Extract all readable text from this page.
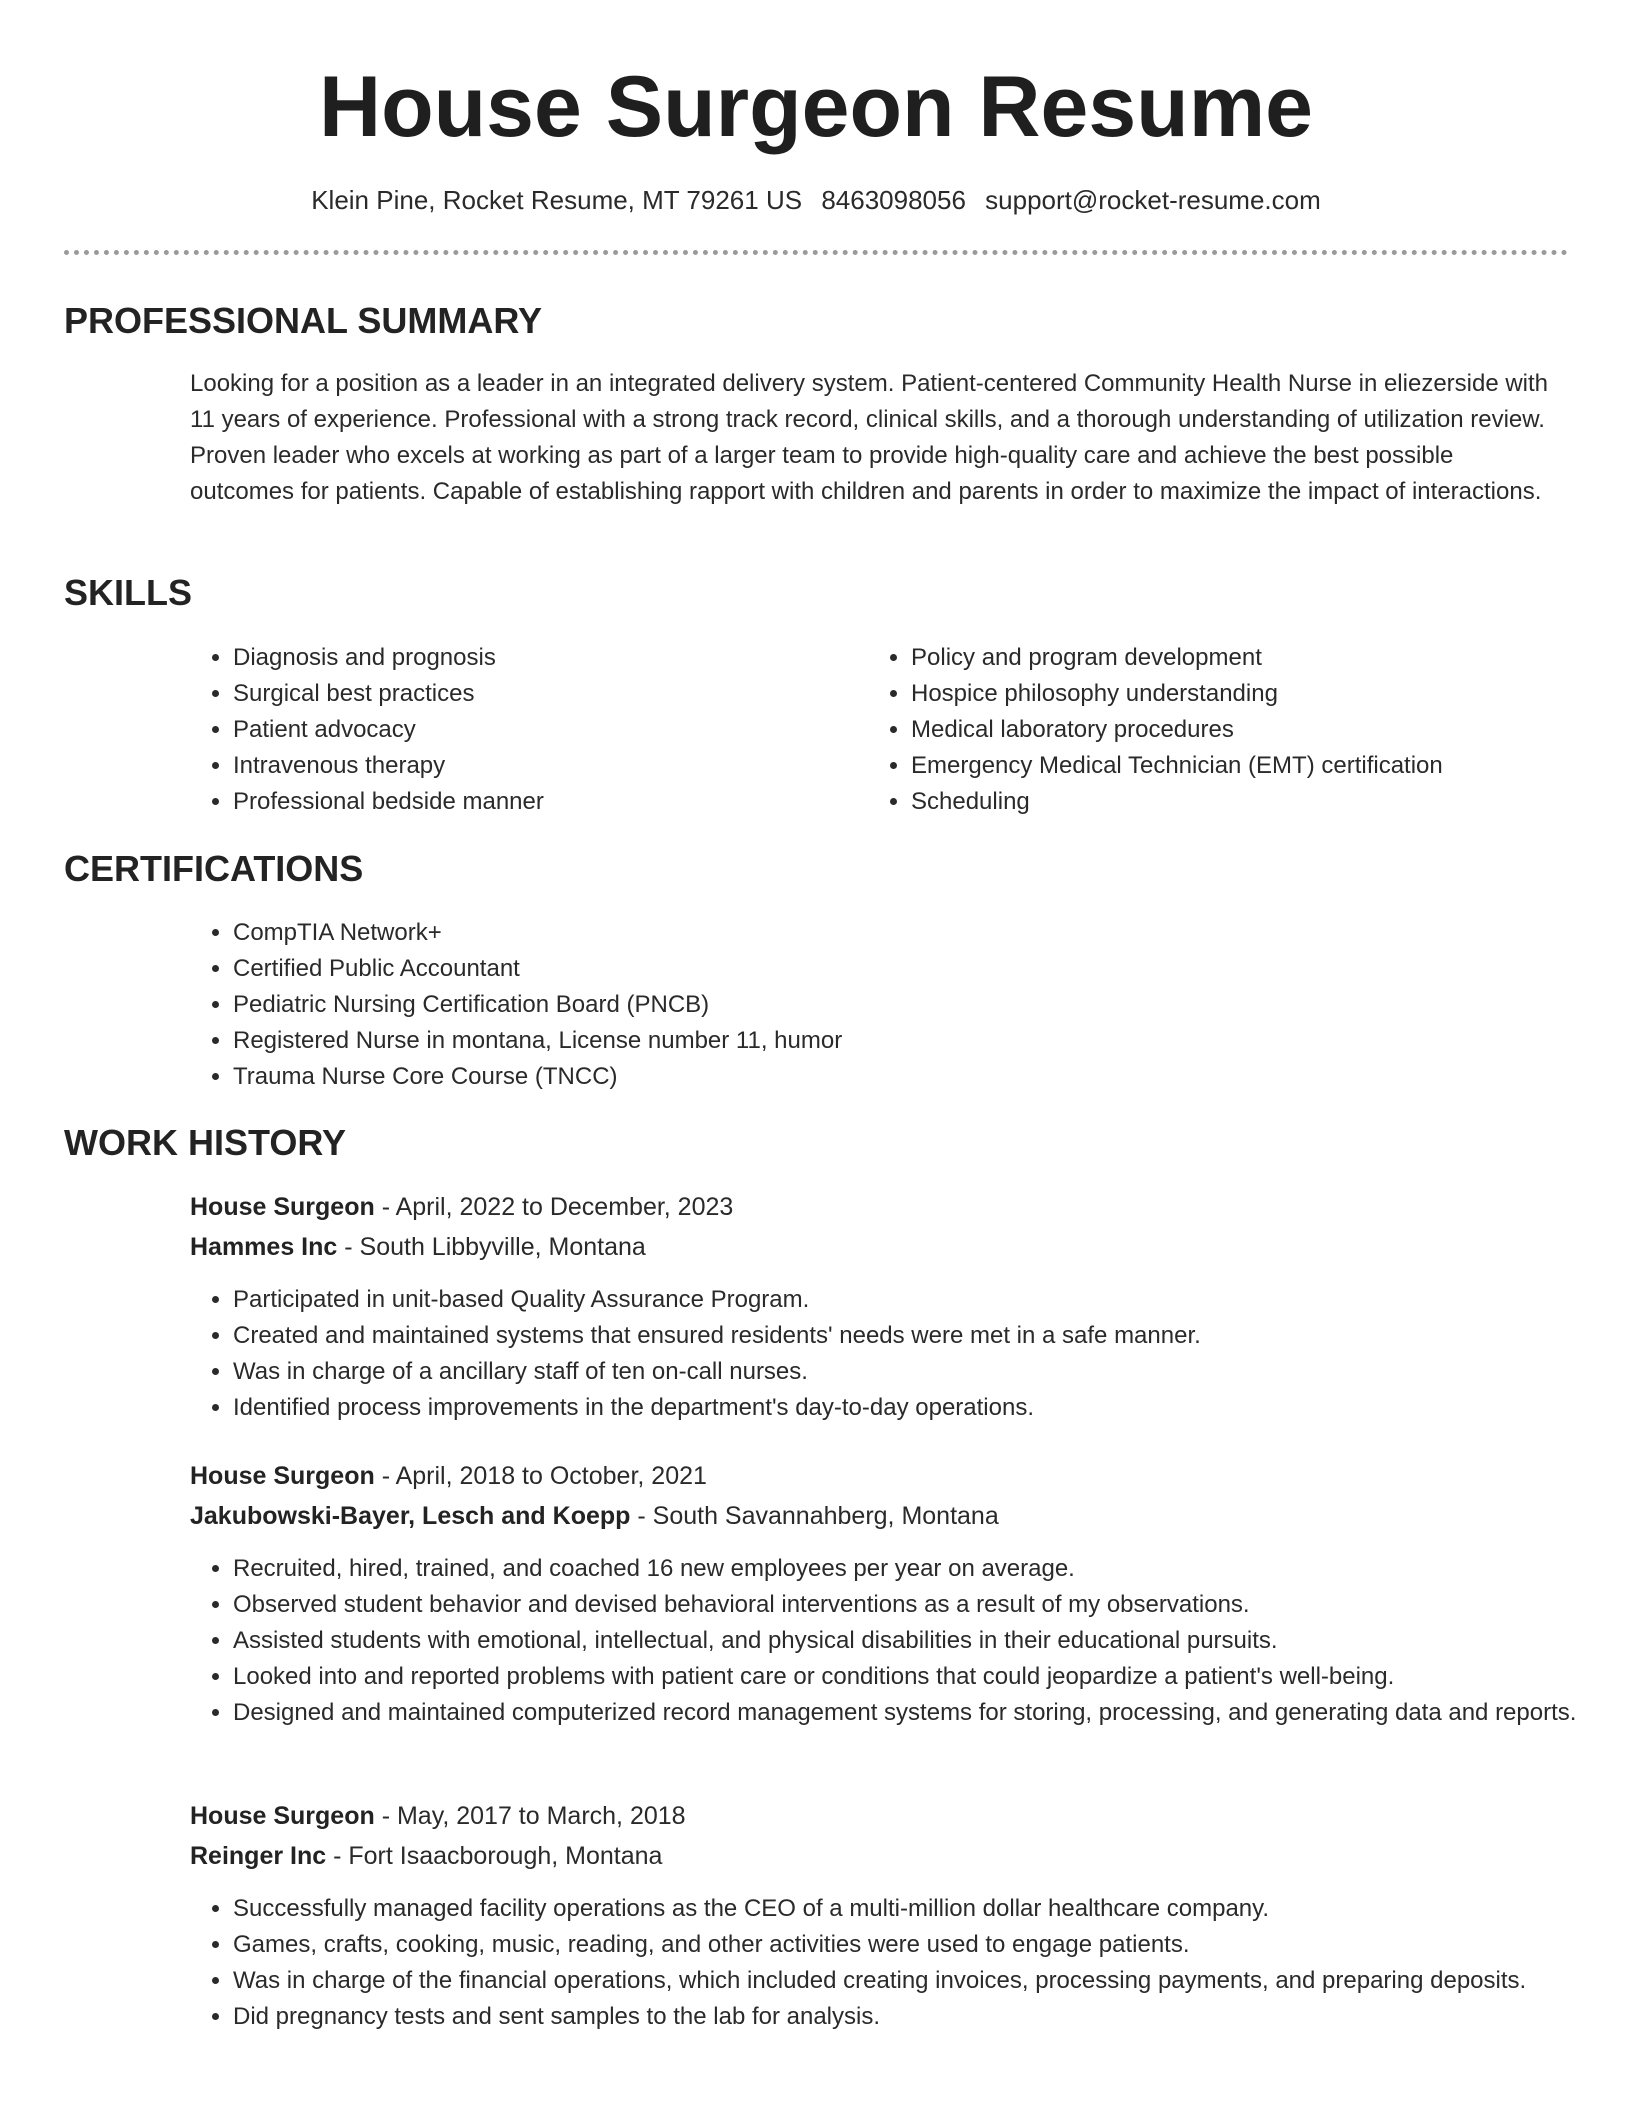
House Surgeon Resume
Klein Pine, Rocket Resume, MT 79261 US 8463098056 support@rocket-resume.com
PROFESSIONAL SUMMARY

Looking for a position as a leader in an integrated delivery system. Patient-centered Community Health Nurse in eliezerside with 11 years of experience. Professional with a strong track record, clinical skills, and a thorough understanding of utilization review. Proven leader who excels at working as part of a larger team to provide high-quality care and achieve the best possible outcomes for patients. Capable of establishing rapport with children and parents in order to maximize the impact of interactions.

SKILLS
• Diagnosis and prognosis
• Surgical best practices
• Patient advocacy
• Intravenous therapy
• Professional bedside manner
• Policy and program development
• Hospice philosophy understanding
• Medical laboratory procedures
• Emergency Medical Technician (EMT) certification
• Scheduling
CERTIFICATIONS
• CompTIA Network+
• Certified Public Accountant
• Pediatric Nursing Certification Board (PNCB)
• Registered Nurse in montana, License number 11, humor
• Trauma Nurse Core Course (TNCC)
WORK HISTORY
House Surgeon - April, 2022 to December, 2023
Hammes Inc - South Libbyville, Montana
• Participated in unit-based Quality Assurance Program.
• Created and maintained systems that ensured residents' needs were met in a safe manner.
• Was in charge of a ancillary staff of ten on-call nurses.
• Identified process improvements in the department's day-to-day operations.
House Surgeon - April, 2018 to October, 2021
Jakubowski-Bayer, Lesch and Koepp - South Savannahberg, Montana
• Recruited, hired, trained, and coached 16 new employees per year on average.
• Observed student behavior and devised behavioral interventions as a result of my observations.
• Assisted students with emotional, intellectual, and physical disabilities in their educational pursuits.
• Looked into and reported problems with patient care or conditions that could jeopardize a patient's well-being.
• Designed and maintained computerized record management systems for storing, processing, and generating data and reports.
House Surgeon - May, 2017 to March, 2018
Reinger Inc - Fort Isaacborough, Montana
• Successfully managed facility operations as the CEO of a multi-million dollar healthcare company.
• Games, crafts, cooking, music, reading, and other activities were used to engage patients.
• Was in charge of the financial operations, which included creating invoices, processing payments, and preparing deposits.
• Did pregnancy tests and sent samples to the lab for analysis.
